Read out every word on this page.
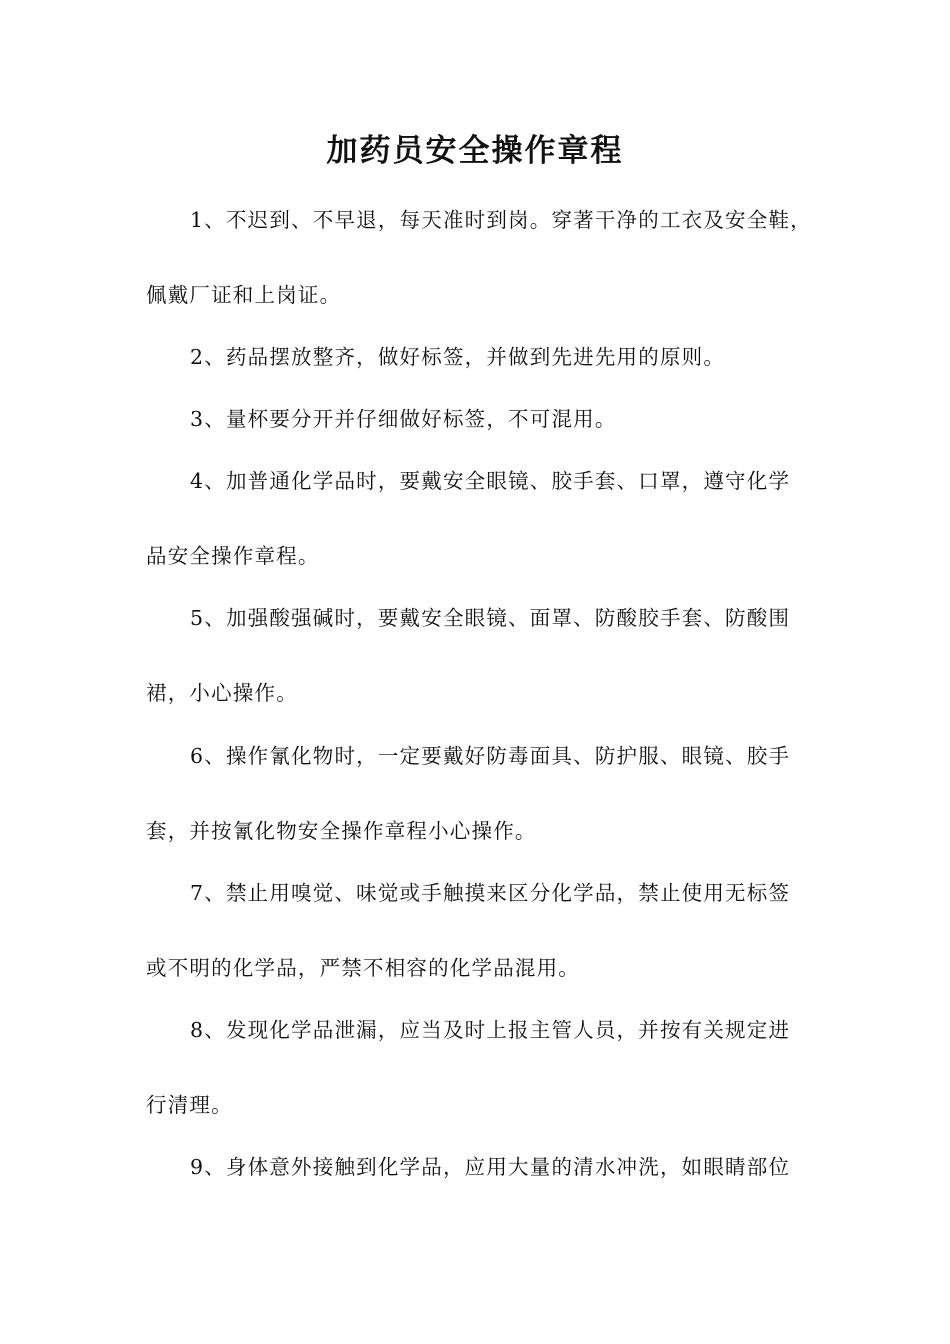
加药员安全操作章程

1、不迟到、不早退，每天准时到岗。穿著干净的工衣及安全鞋，

佩戴厂证和上岗证。

2、药品摆放整齐，做好标签，并做到先进先用的原则。

3、量杯要分开并仔细做好标签，不可混用。

4、加普通化学品时，要戴安全眼镜、胶手套、口罩，遵守化学

品安全操作章程。

5、加强酸强碱时，要戴安全眼镜、面罩、防酸胶手套、防酸围

裙，小心操作。

6、操作氰化物时，一定要戴好防毒面具、防护服、眼镜、胶手

套，并按氰化物安全操作章程小心操作。

7、禁止用嗅觉、味觉或手触摸来区分化学品，禁止使用无标签

或不明的化学品，严禁不相容的化学品混用。

8、发现化学品泄漏，应当及时上报主管人员，并按有关规定进

行清理。

9、身体意外接触到化学品，应用大量的清水冲洗，如眼睛部位
